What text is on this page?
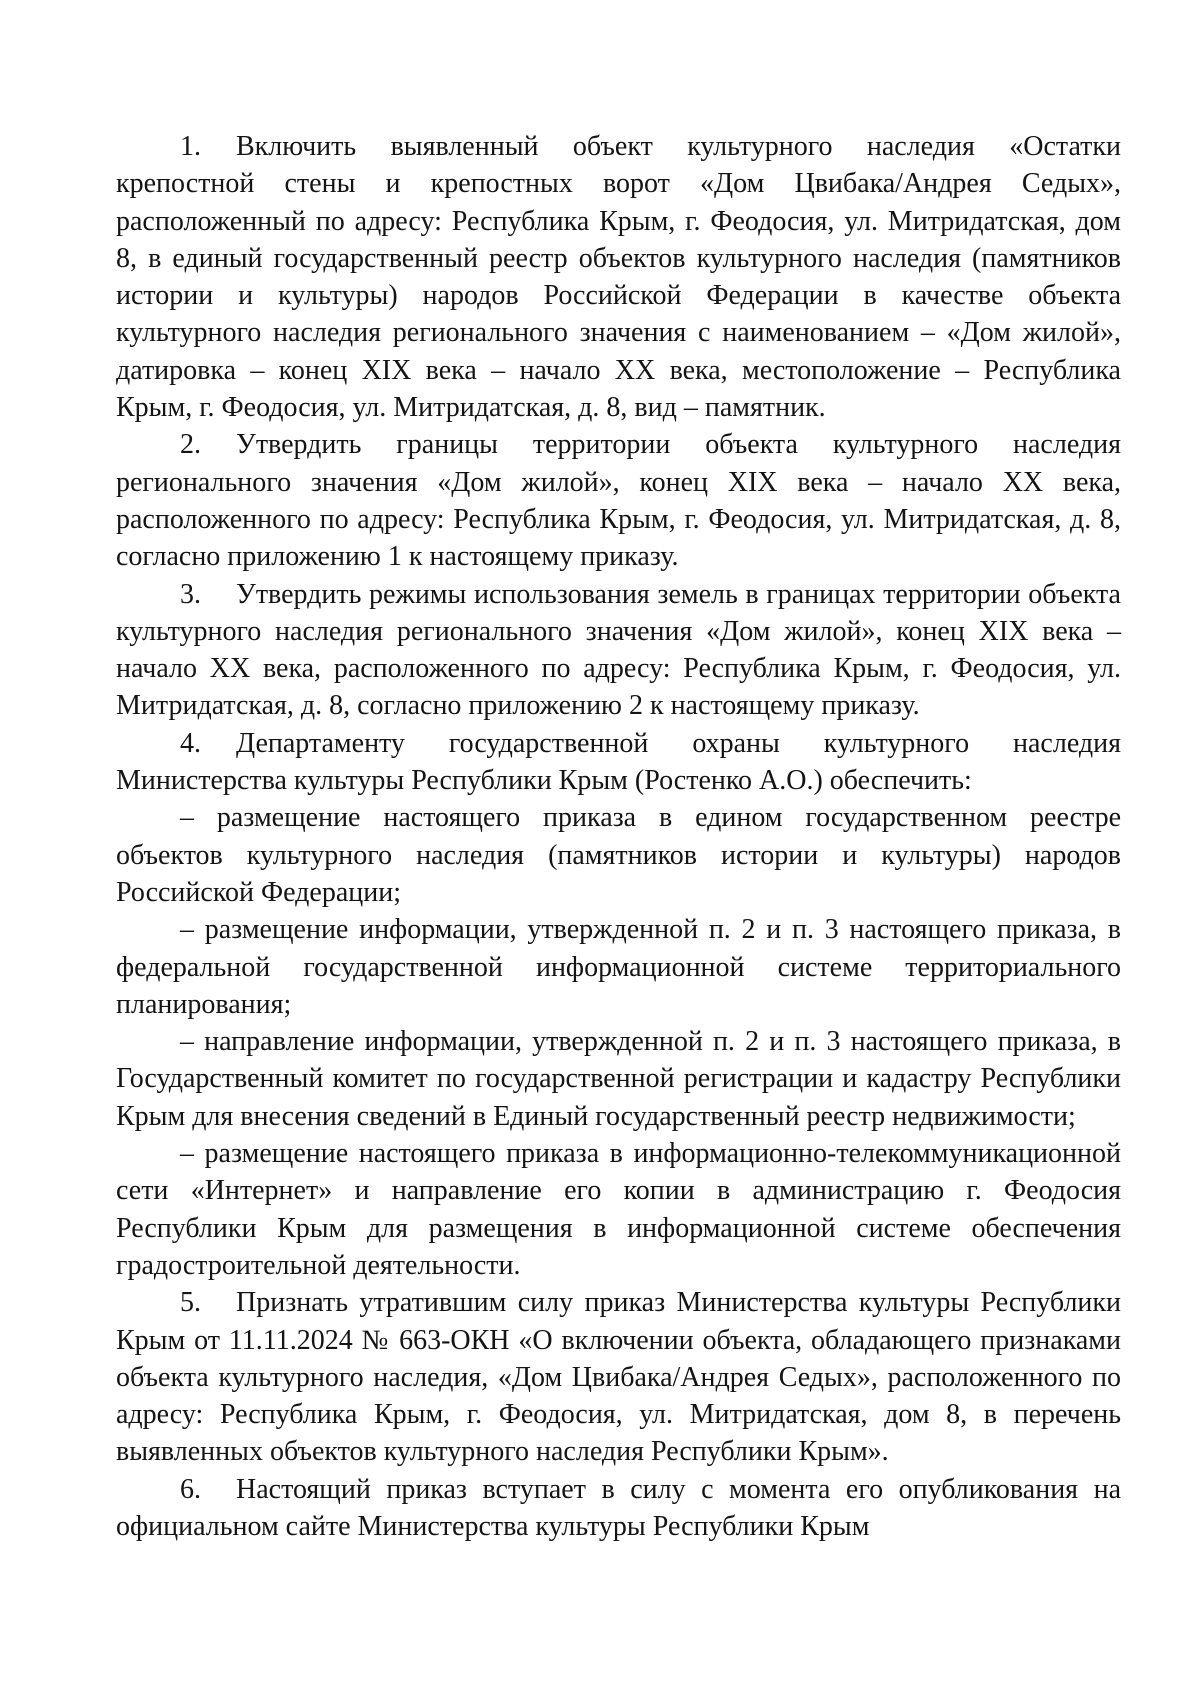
1. Включить выявленный объект культурного наследия «Остатки крепостной стены и крепостных ворот «Дом Цвибака/Андрея Седых», расположенный по адресу: Республика Крым, г. Феодосия, ул. Митридатская, дом 8, в единый государственный реестр объектов культурного наследия (памятников истории и культуры) народов Российской Федерации в качестве объекта культурного наследия регионального значения с наименованием – «Дом жилой», датировка – конец XIX века – начало XX века, местоположение – Республика Крым, г. Феодосия, ул. Митридатская, д. 8, вид – памятник.

2. Утвердить границы территории объекта культурного наследия регионального значения «Дом жилой», конец XIX века – начало XX века, расположенного по адресу: Республика Крым, г. Феодосия, ул. Митридатская, д. 8, согласно приложению 1 к настоящему приказу.

3. Утвердить режимы использования земель в границах территории объекта культурного наследия регионального значения «Дом жилой», конец XIX века – начало XX века, расположенного по адресу: Республика Крым, г. Феодосия, ул. Митридатская, д. 8, согласно приложению 2 к настоящему приказу.

4. Департаменту государственной охраны культурного наследия Министерства культуры Республики Крым (Ростенко А.О.) обеспечить:

– размещение настоящего приказа в едином государственном реестре объектов культурного наследия (памятников истории и культуры) народов Российской Федерации;

– размещение информации, утвержденной п. 2 и п. 3 настоящего приказа, в федеральной государственной информационной системе территориального планирования;

– направление информации, утвержденной п. 2 и п. 3 настоящего приказа, в Государственный комитет по государственной регистрации и кадастру Республики Крым для внесения сведений в Единый государственный реестр недвижимости;

– размещение настоящего приказа в информационно-телекоммуникационной сети «Интернет» и направление его копии в администрацию г. Феодосия Республики Крым для размещения в информационной системе обеспечения градостроительной деятельности.

5. Признать утратившим силу приказ Министерства культуры Республики Крым от 11.11.2024 № 663-ОКН «О включении объекта, обладающего признаками объекта культурного наследия, «Дом Цвибака/Андрея Седых», расположенного по адресу: Республика Крым, г. Феодосия, ул. Митридатская, дом 8, в перечень выявленных объектов культурного наследия Республики Крым».

6. Настоящий приказ вступает в силу с момента его опубликования на официальном сайте Министерства культуры Республики Крым
